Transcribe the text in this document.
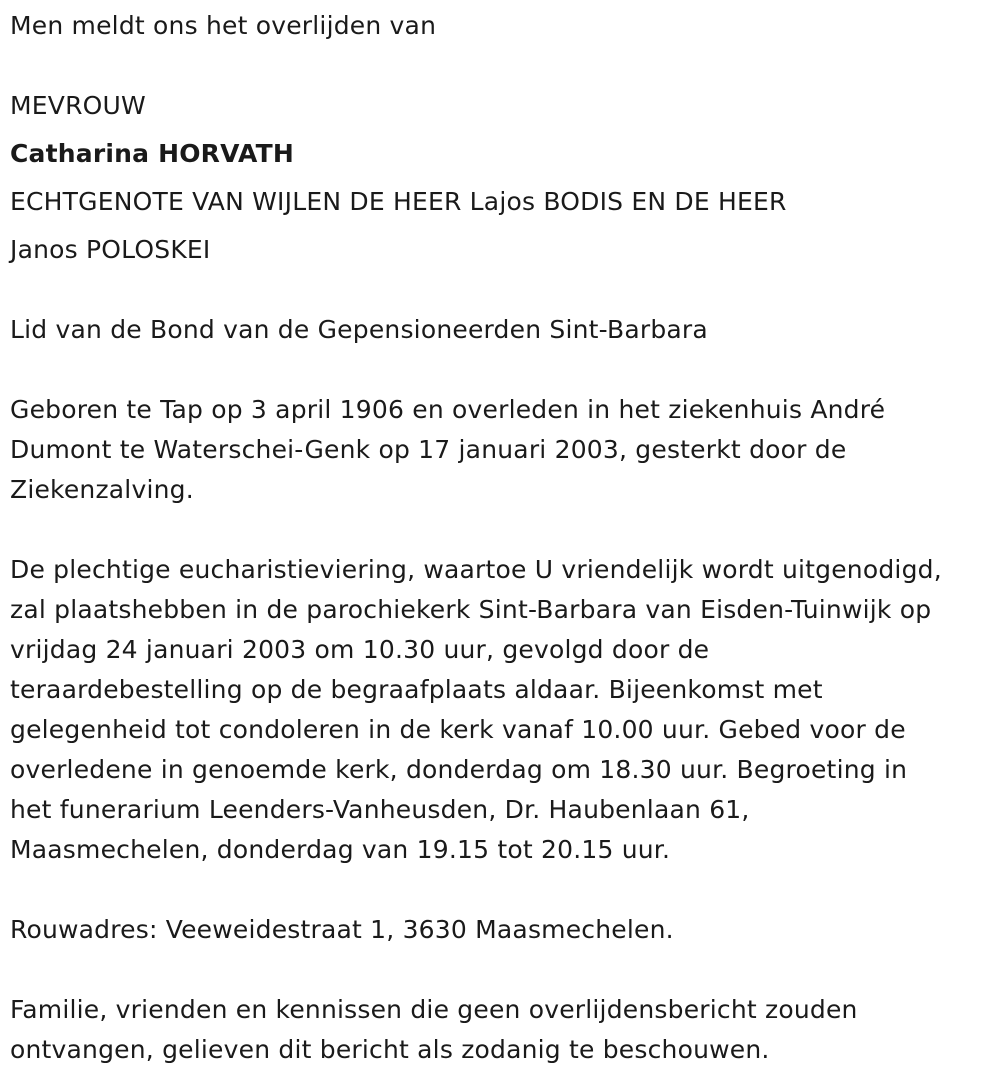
Men meldt ons het overlijden van
MEVROUW
Catharina HORVATH
ECHTGENOTE VAN WIJLEN DE HEER Lajos BODIS EN DE HEER
Janos POLOSKEI
Lid van de Bond van de Gepensioneerden Sint-Barbara
Geboren te Tap op 3 april 1906 en overleden in het ziekenhuis André
Dumont te Waterschei-Genk op 17 januari 2003, gesterkt door de
Ziekenzalving.
De plechtige eucharistieviering, waartoe U vriendelijk wordt uitgenodigd,
zal plaatshebben in de parochiekerk Sint-Barbara van Eisden-Tuinwijk op
vrijdag 24 januari 2003 om 10.30 uur, gevolgd door de
teraardebestelling op de begraafplaats aldaar. Bijeenkomst met
gelegenheid tot condoleren in de kerk vanaf 10.00 uur. Gebed voor de
overledene in genoemde kerk, donderdag om 18.30 uur. Begroeting in
het funerarium Leenders-Vanheusden, Dr. Haubenlaan 61,
Maasmechelen, donderdag van 19.15 tot 20.15 uur.
Rouwadres: Veeweidestraat 1, 3630 Maasmechelen.
Familie, vrienden en kennissen die geen overlijdensbericht zouden
ontvangen, gelieven dit bericht als zodanig te beschouwen.
